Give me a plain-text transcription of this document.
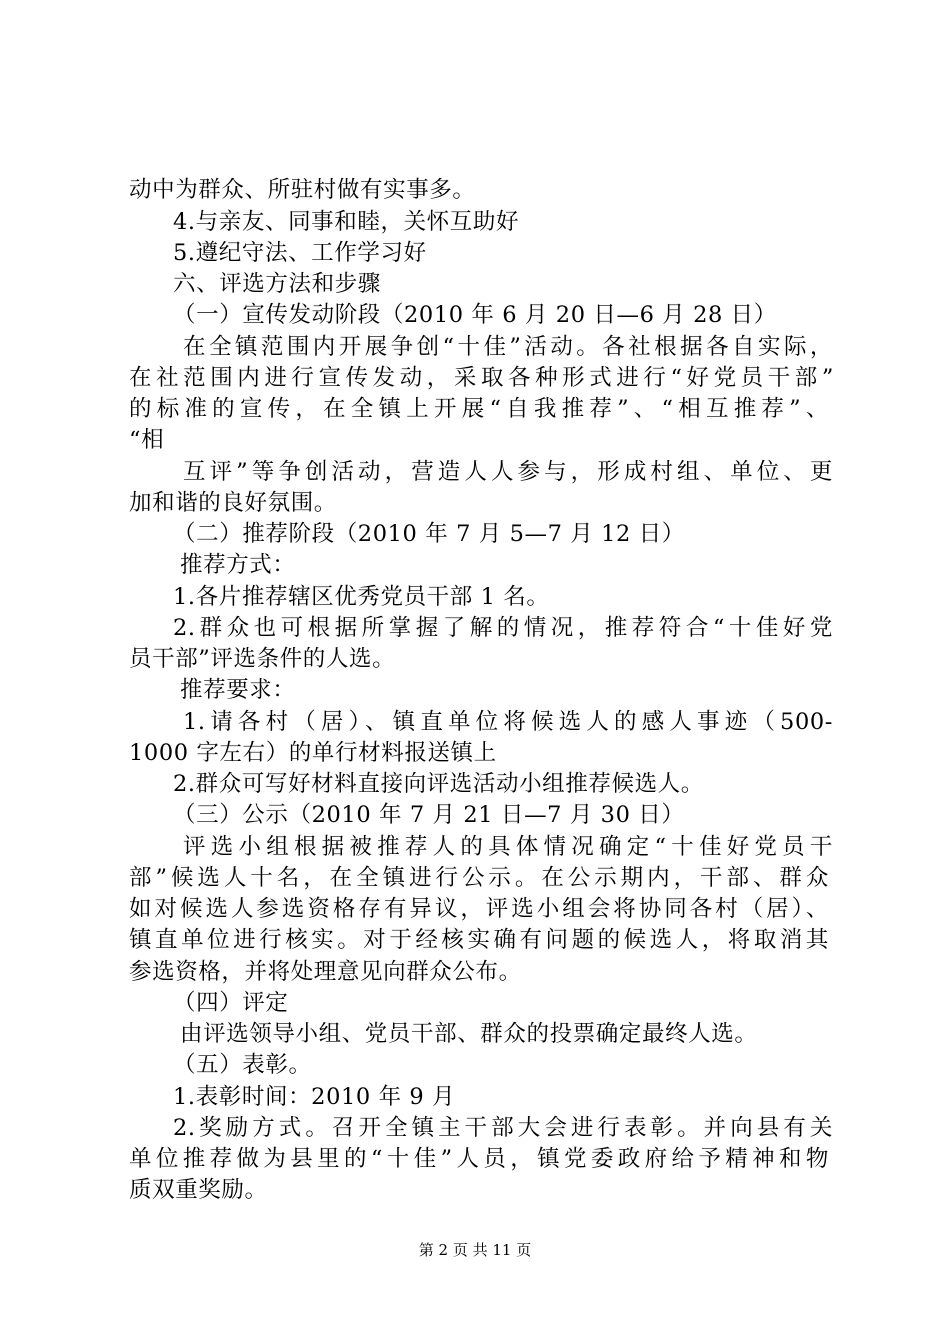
动中为群众、所驻村做有实事多。
4.与亲友、同事和睦，关怀互助好
5.遵纪守法、工作学习好
六、评选方法和步骤
（一）宣传发动阶段（2010 年 6 月 20 日—6 月 28 日）
在全镇范围内开展争创“十佳”活动。各社根据各自实际，
在社范围内进行宣传发动，采取各种形式进行“好党员干部”
的标准的宣传，在全镇上开展“自我推荐”、“相互推荐”、
“相
互评”等争创活动，营造人人参与，形成村组、单位、更
加和谐的良好氛围。
（二）推荐阶段（2010 年 7 月 5—7 月 12 日）
推荐方式：
1.各片推荐辖区优秀党员干部 1 名。
2.群众也可根据所掌握了解的情况，推荐符合“十佳好党
员干部”评选条件的人选。
推荐要求：
1.请各村（居）、镇直单位将候选人的感人事迹（500-
1000 字左右）的单行材料报送镇上
2.群众可写好材料直接向评选活动小组推荐候选人。
（三）公示（2010 年 7 月 21 日—7 月 30 日）
评选小组根据被推荐人的具体情况确定“十佳好党员干
部”候选人十名，在全镇进行公示。在公示期内，干部、群众
如对候选人参选资格存有异议，评选小组会将协同各村（居）、
镇直单位进行核实。对于经核实确有问题的候选人，将取消其
参选资格，并将处理意见向群众公布。
（四）评定
由评选领导小组、党员干部、群众的投票确定最终人选。
（五）表彰。
1.表彰时间：2010 年 9 月
2.奖励方式。召开全镇主干部大会进行表彰。并向县有关
单位推荐做为县里的“十佳”人员，镇党委政府给予精神和物
质双重奖励。
第 2 页 共 11 页
